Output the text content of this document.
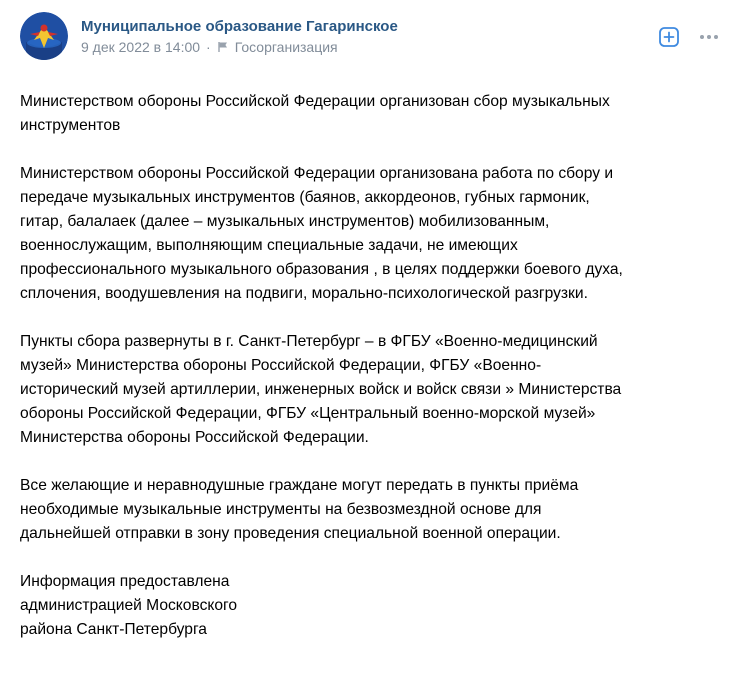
Муниципальное образование Гагаринское
9 дек 2022 в 14:00 · Госорганизация

Министерством обороны Российской Федерации организован сбор музыкальных
инструментов

Министерством обороны Российской Федерации организована работа по сбору и
передаче музыкальных инструментов (баянов, аккордеонов, губных гармоник,
гитар, балалаек (далее – музыкальных инструментов) мобилизованным,
военнослужащим, выполняющим специальные задачи, не имеющих
профессионального музыкального образования , в целях поддержки боевого духа,
сплочения, воодушевления на подвиги, морально-психологической разгрузки.

Пункты сбора развернуты в г. Санкт-Петербург – в ФГБУ «Военно-медицинский
музей» Министерства обороны Российской Федерации, ФГБУ «Военно-
исторический музей артиллерии, инженерных войск и войск связи » Министерства
обороны Российской Федерации, ФГБУ «Центральный военно-морской музей»
Министерства обороны Российской Федерации.

Все желающие и неравнодушные граждане могут передать в пункты приёма
необходимые музыкальные инструменты на безвозмездной основе для
дальнейшей отправки в зону проведения специальной военной операции.

Информация предоставлена
администрацией Московского
района Санкт-Петербурга
